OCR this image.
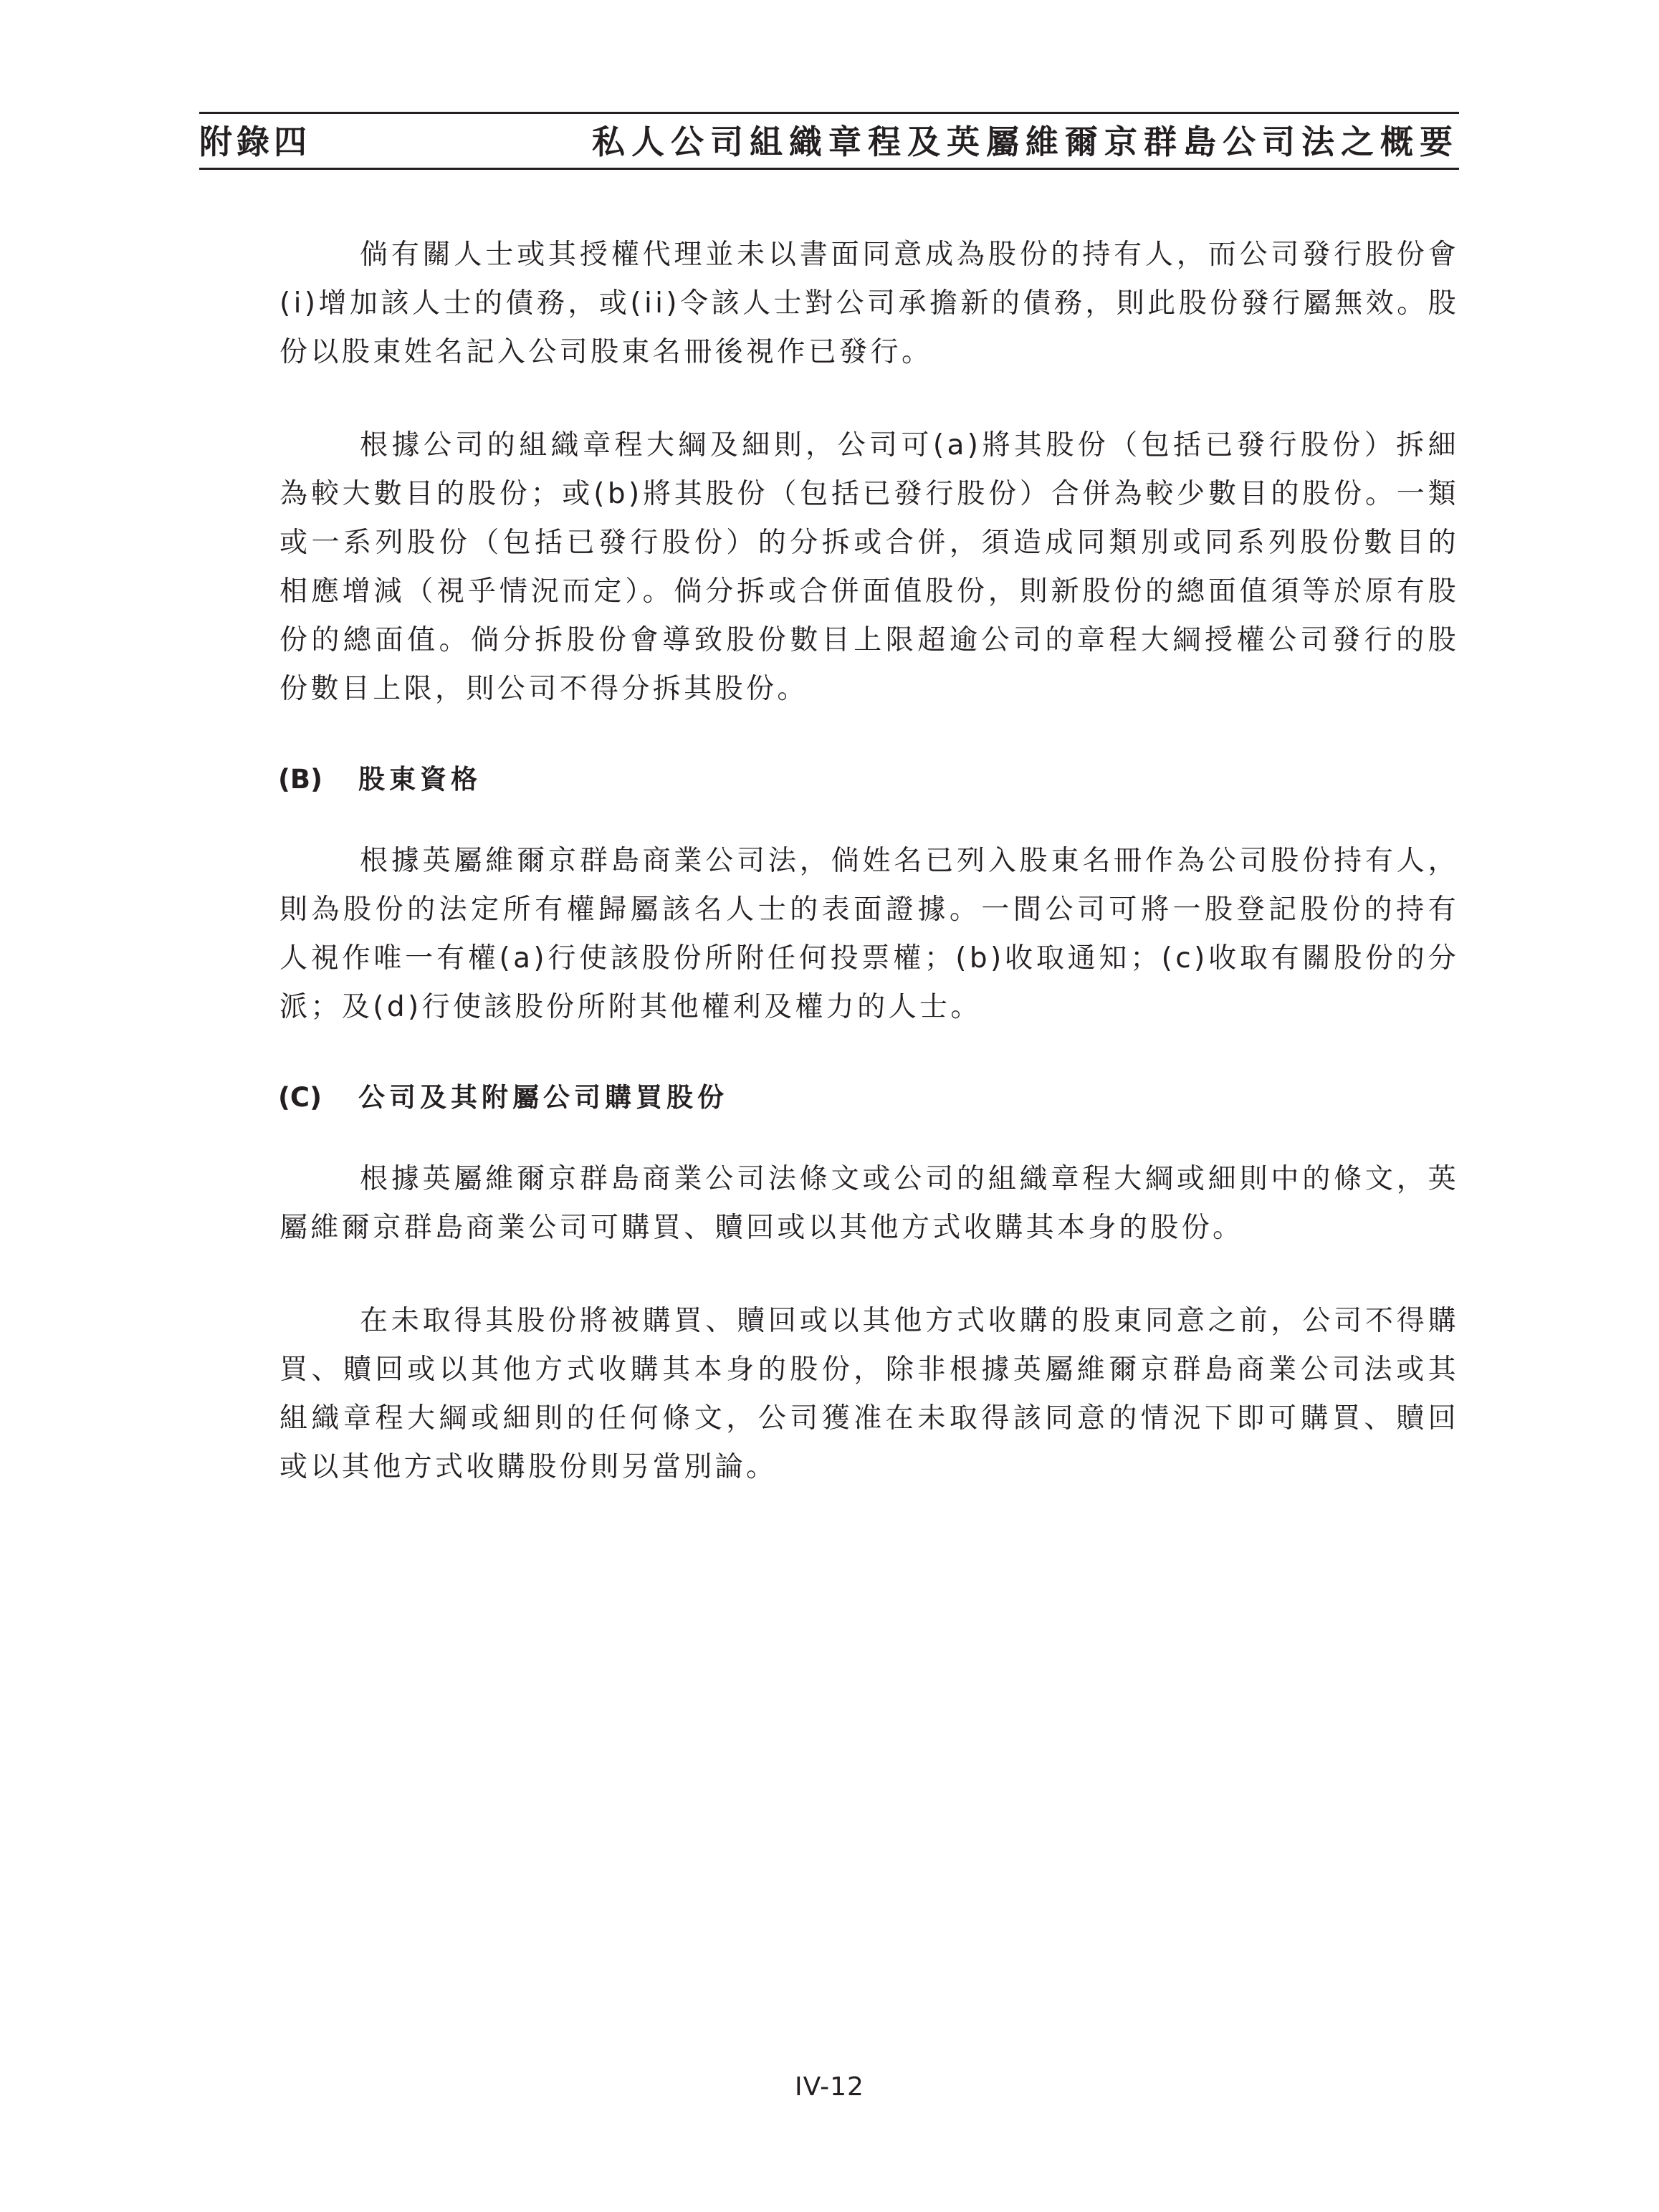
附錄四	私人公司組織章程及英屬維爾京群島公司法之概要

倘有關人士或其授權代理並未以書面同意成為股份的持有人，而公司發行股份會(i)增加該人士的債務，或(ii)令該人士對公司承擔新的債務，則此股份發行屬無效。股份以股東姓名記入公司股東名冊後視作已發行。

根據公司的組織章程大綱及細則，公司可(a)將其股份（包括已發行股份）拆細為較大數目的股份；或(b)將其股份（包括已發行股份）合併為較少數目的股份。一類或一系列股份（包括已發行股份）的分拆或合併，須造成同類別或同系列股份數目的相應增減（視乎情況而定）。倘分拆或合併面值股份，則新股份的總面值須等於原有股份的總面值。倘分拆股份會導致股份數目上限超逾公司的章程大綱授權公司發行的股份數目上限，則公司不得分拆其股份。

(B) 股東資格

根據英屬維爾京群島商業公司法，倘姓名已列入股東名冊作為公司股份持有人，則為股份的法定所有權歸屬該名人士的表面證據。一間公司可將一股登記股份的持有人視作唯一有權(a)行使該股份所附任何投票權；(b)收取通知；(c)收取有關股份的分派；及(d)行使該股份所附其他權利及權力的人士。

(C) 公司及其附屬公司購買股份

根據英屬維爾京群島商業公司法條文或公司的組織章程大綱或細則中的條文，英屬維爾京群島商業公司可購買、贖回或以其他方式收購其本身的股份。

在未取得其股份將被購買、贖回或以其他方式收購的股東同意之前，公司不得購買、贖回或以其他方式收購其本身的股份，除非根據英屬維爾京群島商業公司法或其組織章程大綱或細則的任何條文，公司獲准在未取得該同意的情況下即可購買、贖回或以其他方式收購股份則另當別論。

IV-12
